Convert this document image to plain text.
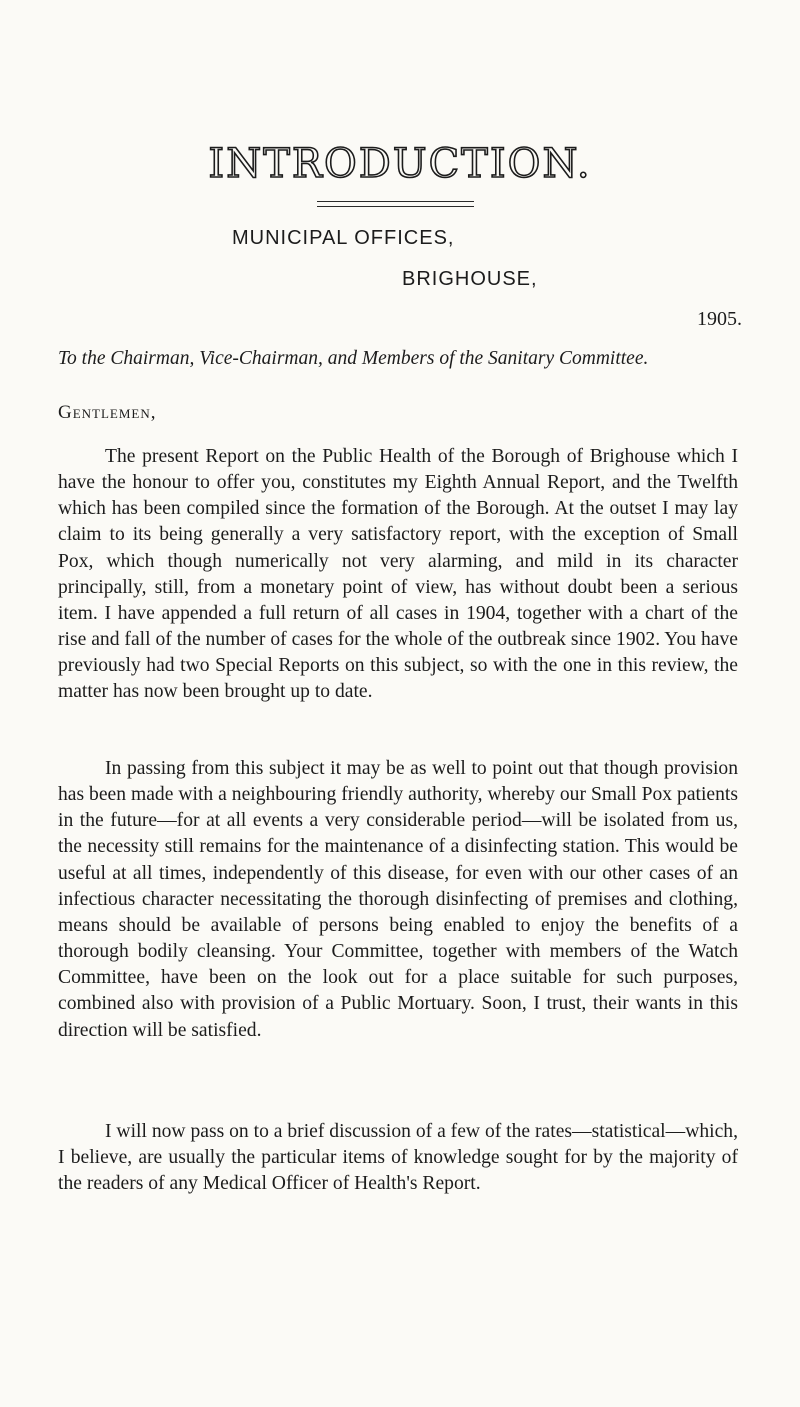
INTRODUCTION.
MUNICIPAL OFFICES,
BRIGHOUSE,
1905.
To the Chairman, Vice-Chairman, and Members of the Sanitary Committee.
Gentlemen,

The present Report on the Public Health of the Borough of Brighouse which I have the honour to offer you, constitutes my Eighth Annual Report, and the Twelfth which has been compiled since the formation of the Borough. At the outset I may lay claim to its being generally a very satisfactory report, with the exception of Small Pox, which though numerically not very alarming, and mild in its character principally, still, from a monetary point of view, has without doubt been a serious item. I have appended a full return of all cases in 1904, together with a chart of the rise and fall of the number of cases for the whole of the outbreak since 1902. You have previously had two Special Reports on this subject, so with the one in this review, the matter has now been brought up to date.

In passing from this subject it may be as well to point out that though provision has been made with a neighbouring friendly authority, whereby our Small Pox patients in the future—for at all events a very considerable period—will be isolated from us, the necessity still remains for the maintenance of a disinfecting station. This would be useful at all times, independently of this disease, for even with our other cases of an infectious character necessitating the thorough disinfecting of premises and clothing, means should be available of persons being enabled to enjoy the benefits of a thorough bodily cleansing. Your Committee, together with members of the Watch Committee, have been on the look out for a place suitable for such purposes, combined also with provision of a Public Mortuary. Soon, I trust, their wants in this direction will be satisfied.

I will now pass on to a brief discussion of a few of the rates—statistical—which, I believe, are usually the particular items of knowledge sought for by the majority of the readers of any Medical Officer of Health's Report.
